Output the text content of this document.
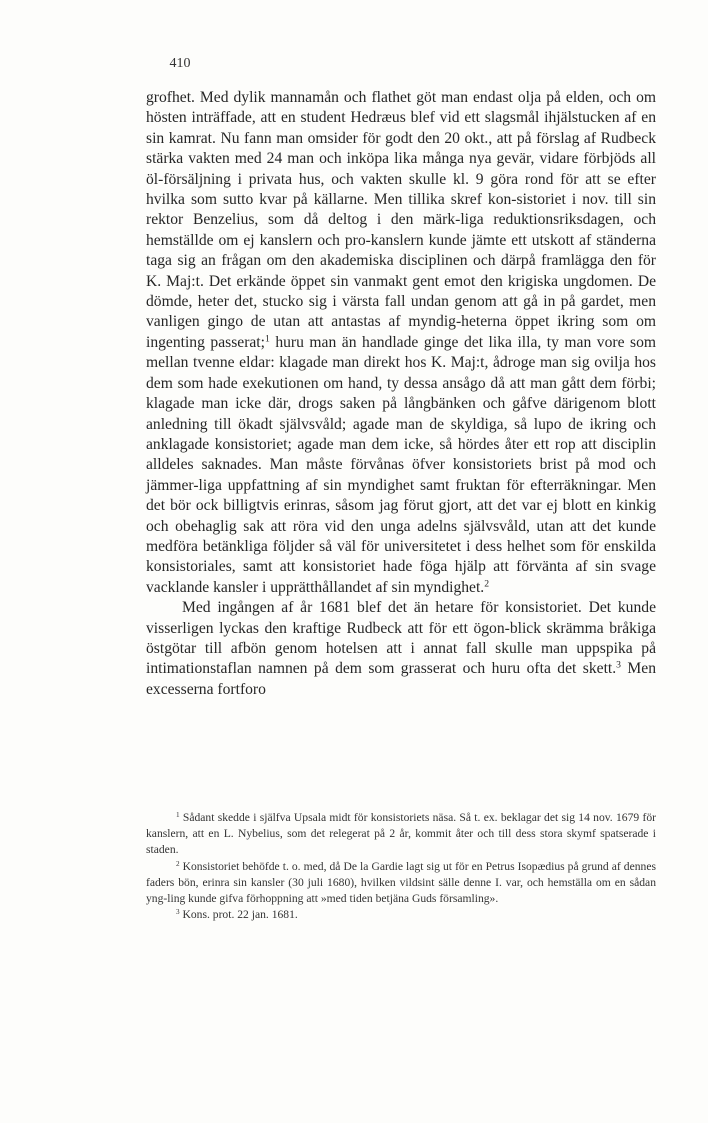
410

grofhet. Med dylik mannamån och flathet göt man endast olja på elden, och om hösten inträffade, att en student Hedræus blef vid ett slagsmål ihjälstucken af en sin kamrat. Nu fann man omsider för godt den 20 okt., att på förslag af Rudbeck stärka vakten med 24 man och inköpa lika många nya gevär, vidare förbjöds all öl-försäljning i privata hus, och vakten skulle kl. 9 göra rond för att se efter hvilka som sutto kvar på källarne. Men tillika skref kon-sistoriet i nov. till sin rektor Benzelius, som då deltog i den märk-liga reduktionsriksdagen, och hemställde om ej kanslern och pro-kanslern kunde jämte ett utskott af ständerna taga sig an frågan om den akademiska disciplinen och därpå framlägga den för K. Maj:t. Det erkände öppet sin vanmakt gent emot den krigiska ungdomen. De dömde, heter det, stucko sig i värsta fall undan genom att gå in på gardet, men vanligen gingo de utan att antastas af myndig-heterna öppet ikring som om ingenting passerat;$^1$ huru man än handlade ginge det lika illa, ty man vore som mellan tvenne eldar: klagade man direkt hos K. Maj:t, ådroge man sig ovilja hos dem som hade exekutionen om hand, ty dessa ansågo då att man gått dem förbi; klagade man icke där, drogs saken på långbänken och gåfve därigenom blott anledning till ökadt självsvåld; agade man de skyldiga, så lupo de ikring och anklagade konsistoriet; agade man dem icke, så hördes åter ett rop att disciplin alldeles saknades. Man måste förvånas öfver konsistoriets brist på mod och jämmer-liga uppfattning af sin myndighet samt fruktan för efterräkningar. Men det bör ock billigtvis erinras, såsom jag förut gjort, att det var ej blott en kinkig och obehaglig sak att röra vid den unga adelns självsvåld, utan att det kunde medföra betänkliga följder så väl för universitetet i dess helhet som för enskilda konsistoriales, samt att konsistoriet hade föga hjälp att förvänta af sin svage vacklande kansler i upprätthållandet af sin myndighet.$^2$

Med ingången af år 1681 blef det än hetare för konsistoriet. Det kunde visserligen lyckas den kraftige Rudbeck att för ett ögon-blick skrämma bråkiga östgötar till afbön genom hotelsen att i annat fall skulle man uppspika på intimationstaflan namnen på dem som grasserat och huru ofta det skett.$^3$ Men excesserna fortforo

$^1$ Sådant skedde i själfva Upsala midt för konsistoriets näsa. Så t. ex. beklagar det sig 14 nov. 1679 för kanslern, att en L. Nybelius, som det relegerat på 2 år, kommit åter och till dess stora skymf spatserade i staden.

$^2$ Konsistoriet behöfde t. o. med, då De la Gardie lagt sig ut för en Petrus Isopædius på grund af dennes faders bön, erinra sin kansler (30 juli 1680), hvilken vildsint sälle denne I. var, och hemställa om en sådan yng-ling kunde gifva förhoppning att »med tiden betjäna Guds församling».

$^3$ Kons. prot. 22 jan. 1681.
